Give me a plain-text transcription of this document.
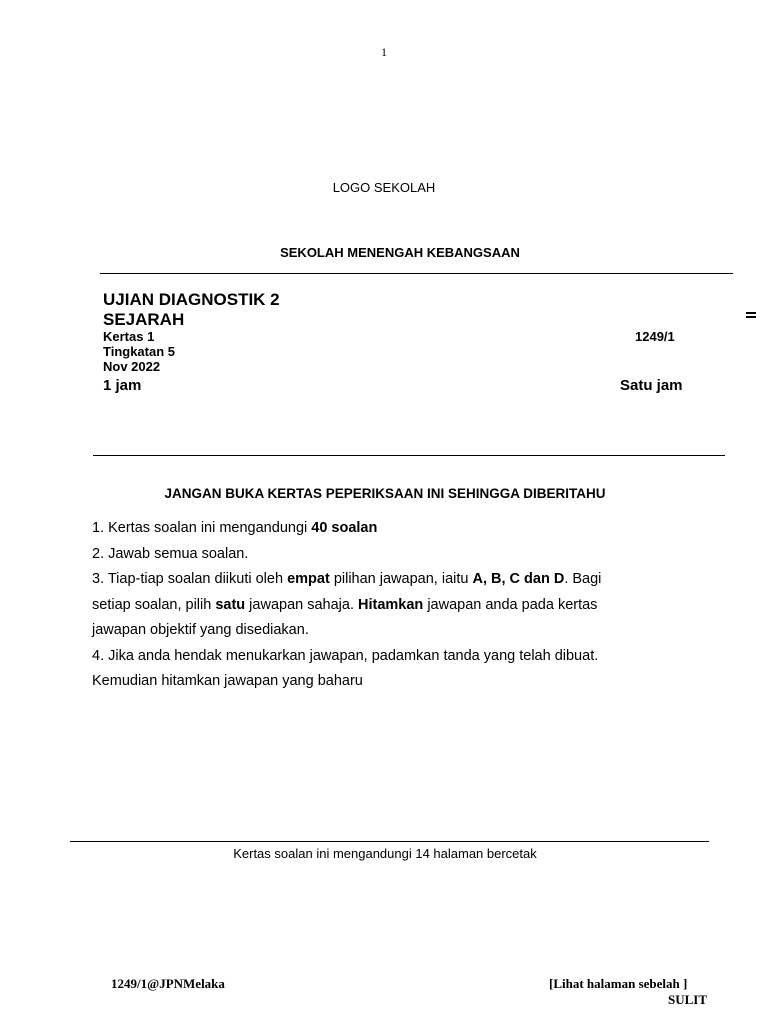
1
LOGO SEKOLAH
SEKOLAH MENENGAH KEBANGSAAN
UJIAN DIAGNOSTIK 2
SEJARAH
Kertas 1
Tingkatan 5
Nov 2022
1 jam
1249/1
Satu jam
JANGAN BUKA KERTAS PEPERIKSAAN INI SEHINGGA DIBERITAHU

1. Kertas soalan ini mengandungi 40 soalan

2. Jawab semua soalan.

3. Tiap-tiap soalan diikuti oleh empat pilihan jawapan, iaitu A, B, C dan D. Bagi

setiap soalan, pilih satu jawapan sahaja. Hitamkan jawapan anda pada kertas

jawapan objektif yang disediakan.

4. Jika anda hendak menukarkan jawapan, padamkan tanda yang telah dibuat.

Kemudian hitamkan jawapan yang baharu

Kertas soalan ini mengandungi 14 halaman bercetak
1249/1@JPNMelaka	[Lihat halaman sebelah ]
SULIT
